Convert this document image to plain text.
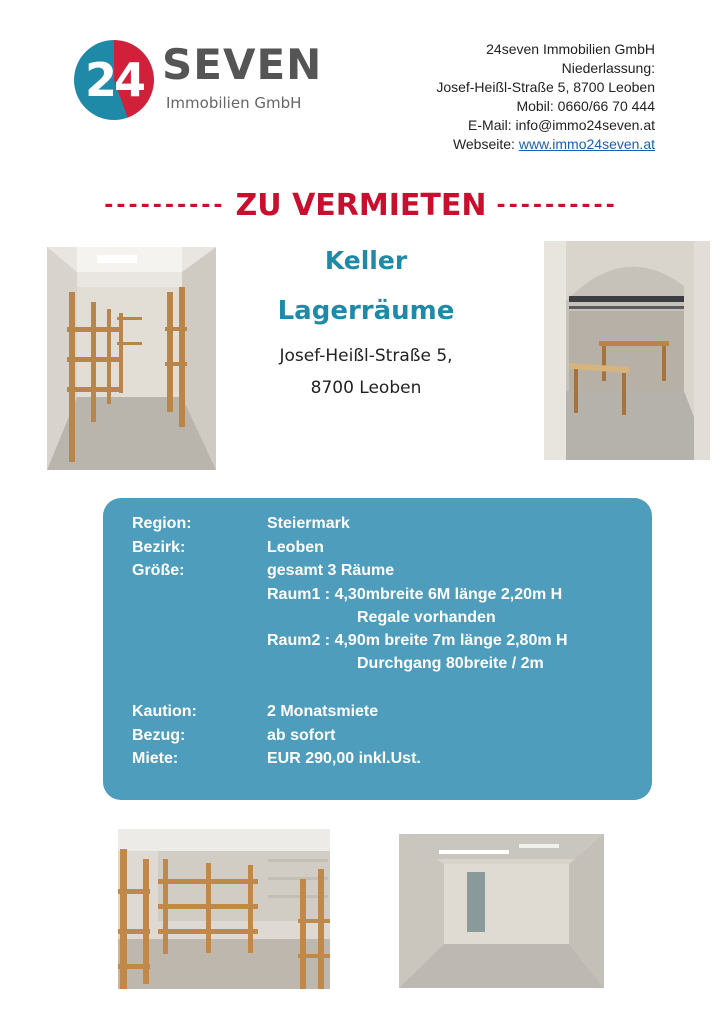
24 SEVEN
Immobilien GmbH
24seven Immobilien GmbH
Niederlassung:
Josef-Heißl-Straße 5, 8700 Leoben
Mobil: 0660/66 70 444
E-Mail: info@immo24seven.at
Webseite: www.immo24seven.at
---------- ZU VERMIETEN ----------
Keller
Lagerräume
Josef-Heißl-Straße 5,
8700 Leoben
Region:	Steiermark
Bezirk:	Leoben
Größe:	gesamt 3 Räume
Raum1 : 4,30mbreite 6M länge 2,20m H
Regale vorhanden
Raum2 : 4,90m breite 7m länge 2,80m H
Durchgang 80breite / 2m
Kaution:	2 Monatsmiete
Bezug:	ab sofort
Miete:	EUR 290,00 inkl.Ust.
